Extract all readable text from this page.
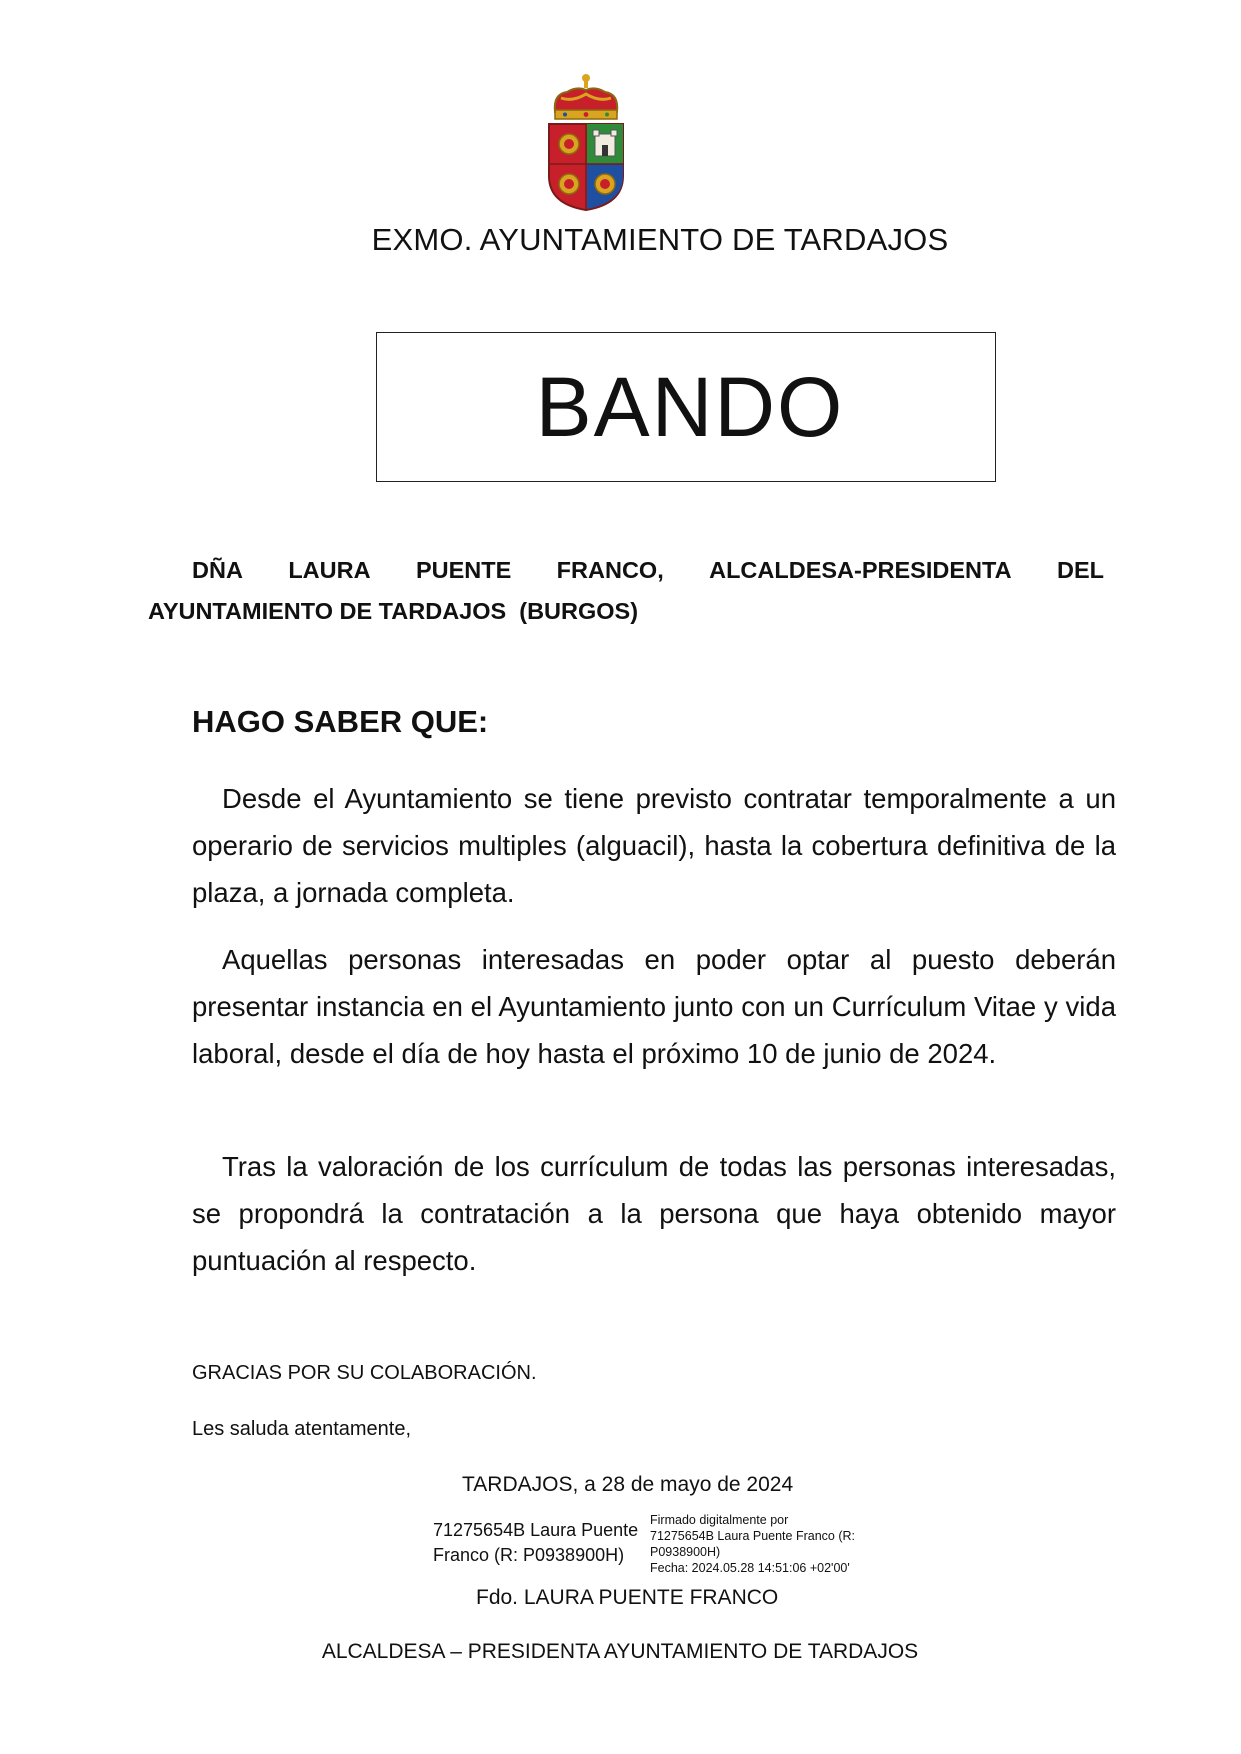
EXMO. AYUNTAMIENTO DE TARDAJOS
BANDO
DÑA LAURA PUENTE FRANCO, ALCALDESA-PRESIDENTA DEL
AYUNTAMIENTO DE TARDAJOS  (BURGOS)
HAGO SABER QUE:

Desde el Ayuntamiento se tiene previsto contratar temporalmente a un operario de servicios multiples (alguacil), hasta la cobertura definitiva de la plaza, a jornada completa.

Aquellas personas interesadas en poder optar al puesto deberán presentar instancia en el Ayuntamiento junto con un Currículum Vitae y vida laboral, desde el día de hoy hasta el próximo 10 de junio de 2024.

Tras la valoración de los currículum de todas las personas interesadas, se propondrá la contratación a la persona que haya obtenido mayor puntuación al respecto.

GRACIAS POR SU COLABORACIÓN.
Les saluda atentamente,
TARDAJOS, a 28 de mayo de 2024
71275654B Laura Puente
Franco (R: P0938900H)
Firmado digitalmente por
71275654B Laura Puente Franco (R:
P0938900H)
Fecha: 2024.05.28 14:51:06 +02'00'
Fdo. LAURA PUENTE FRANCO
ALCALDESA – PRESIDENTA AYUNTAMIENTO DE TARDAJOS
